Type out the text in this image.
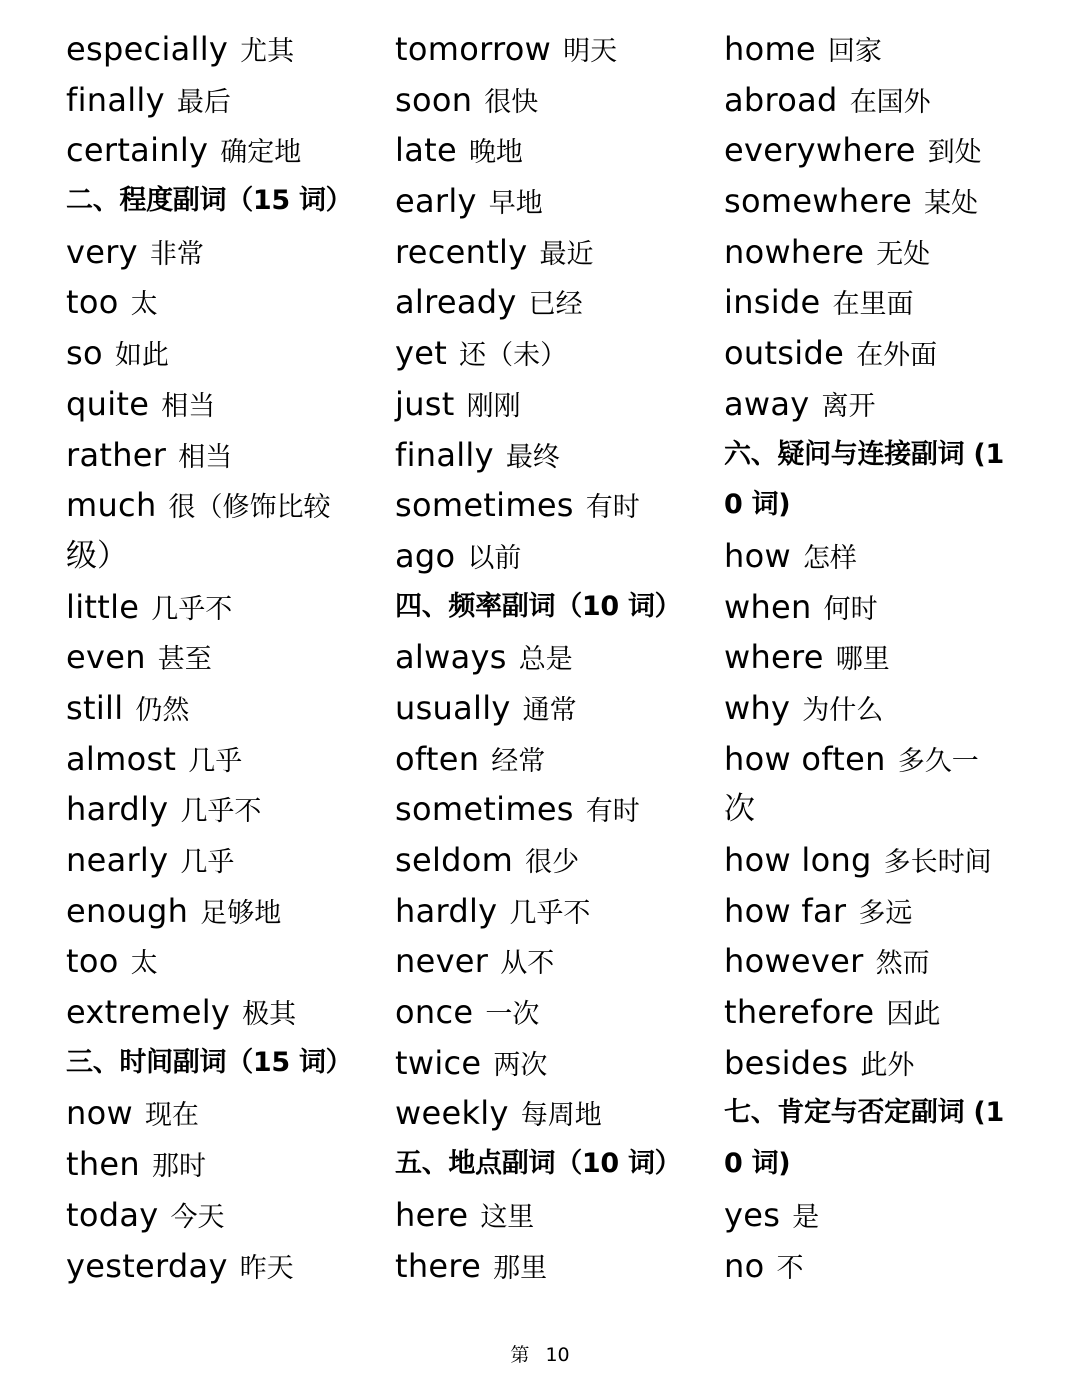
especially 尤其
finally 最后
certainly 确定地
二、程度副词（15 词）
very 非常
too 太
so 如此
quite 相当
rather 相当
much 很（修饰比较
级）
little 几乎不
even 甚至
still 仍然
almost 几乎
hardly 几乎不
nearly 几乎
enough 足够地
too 太
extremely 极其
三、时间副词（15 词）
now 现在
then 那时
today 今天
yesterday 昨天
tomorrow 明天
soon 很快
late 晚地
early 早地
recently 最近
already 已经
yet 还（未）
just 刚刚
finally 最终
sometimes 有时
ago 以前
四、频率副词（10 词）
always 总是
usually 通常
often 经常
sometimes 有时
seldom 很少
hardly 几乎不
never 从不
once 一次
twice 两次
weekly 每周地
五、地点副词（10 词）
here 这里
there 那里
home 回家
abroad 在国外
everywhere 到处
somewhere 某处
nowhere 无处
inside 在里面
outside 在外面
away 离开
六、疑问与连接副词 (1
0 词)
how 怎样
when 何时
where 哪里
why 为什么
how often 多久一
次
how long 多长时间
how far 多远
however 然而
therefore 因此
besides 此外
七、肯定与否定副词 (1
0 词)
yes 是
no 不
第 10
